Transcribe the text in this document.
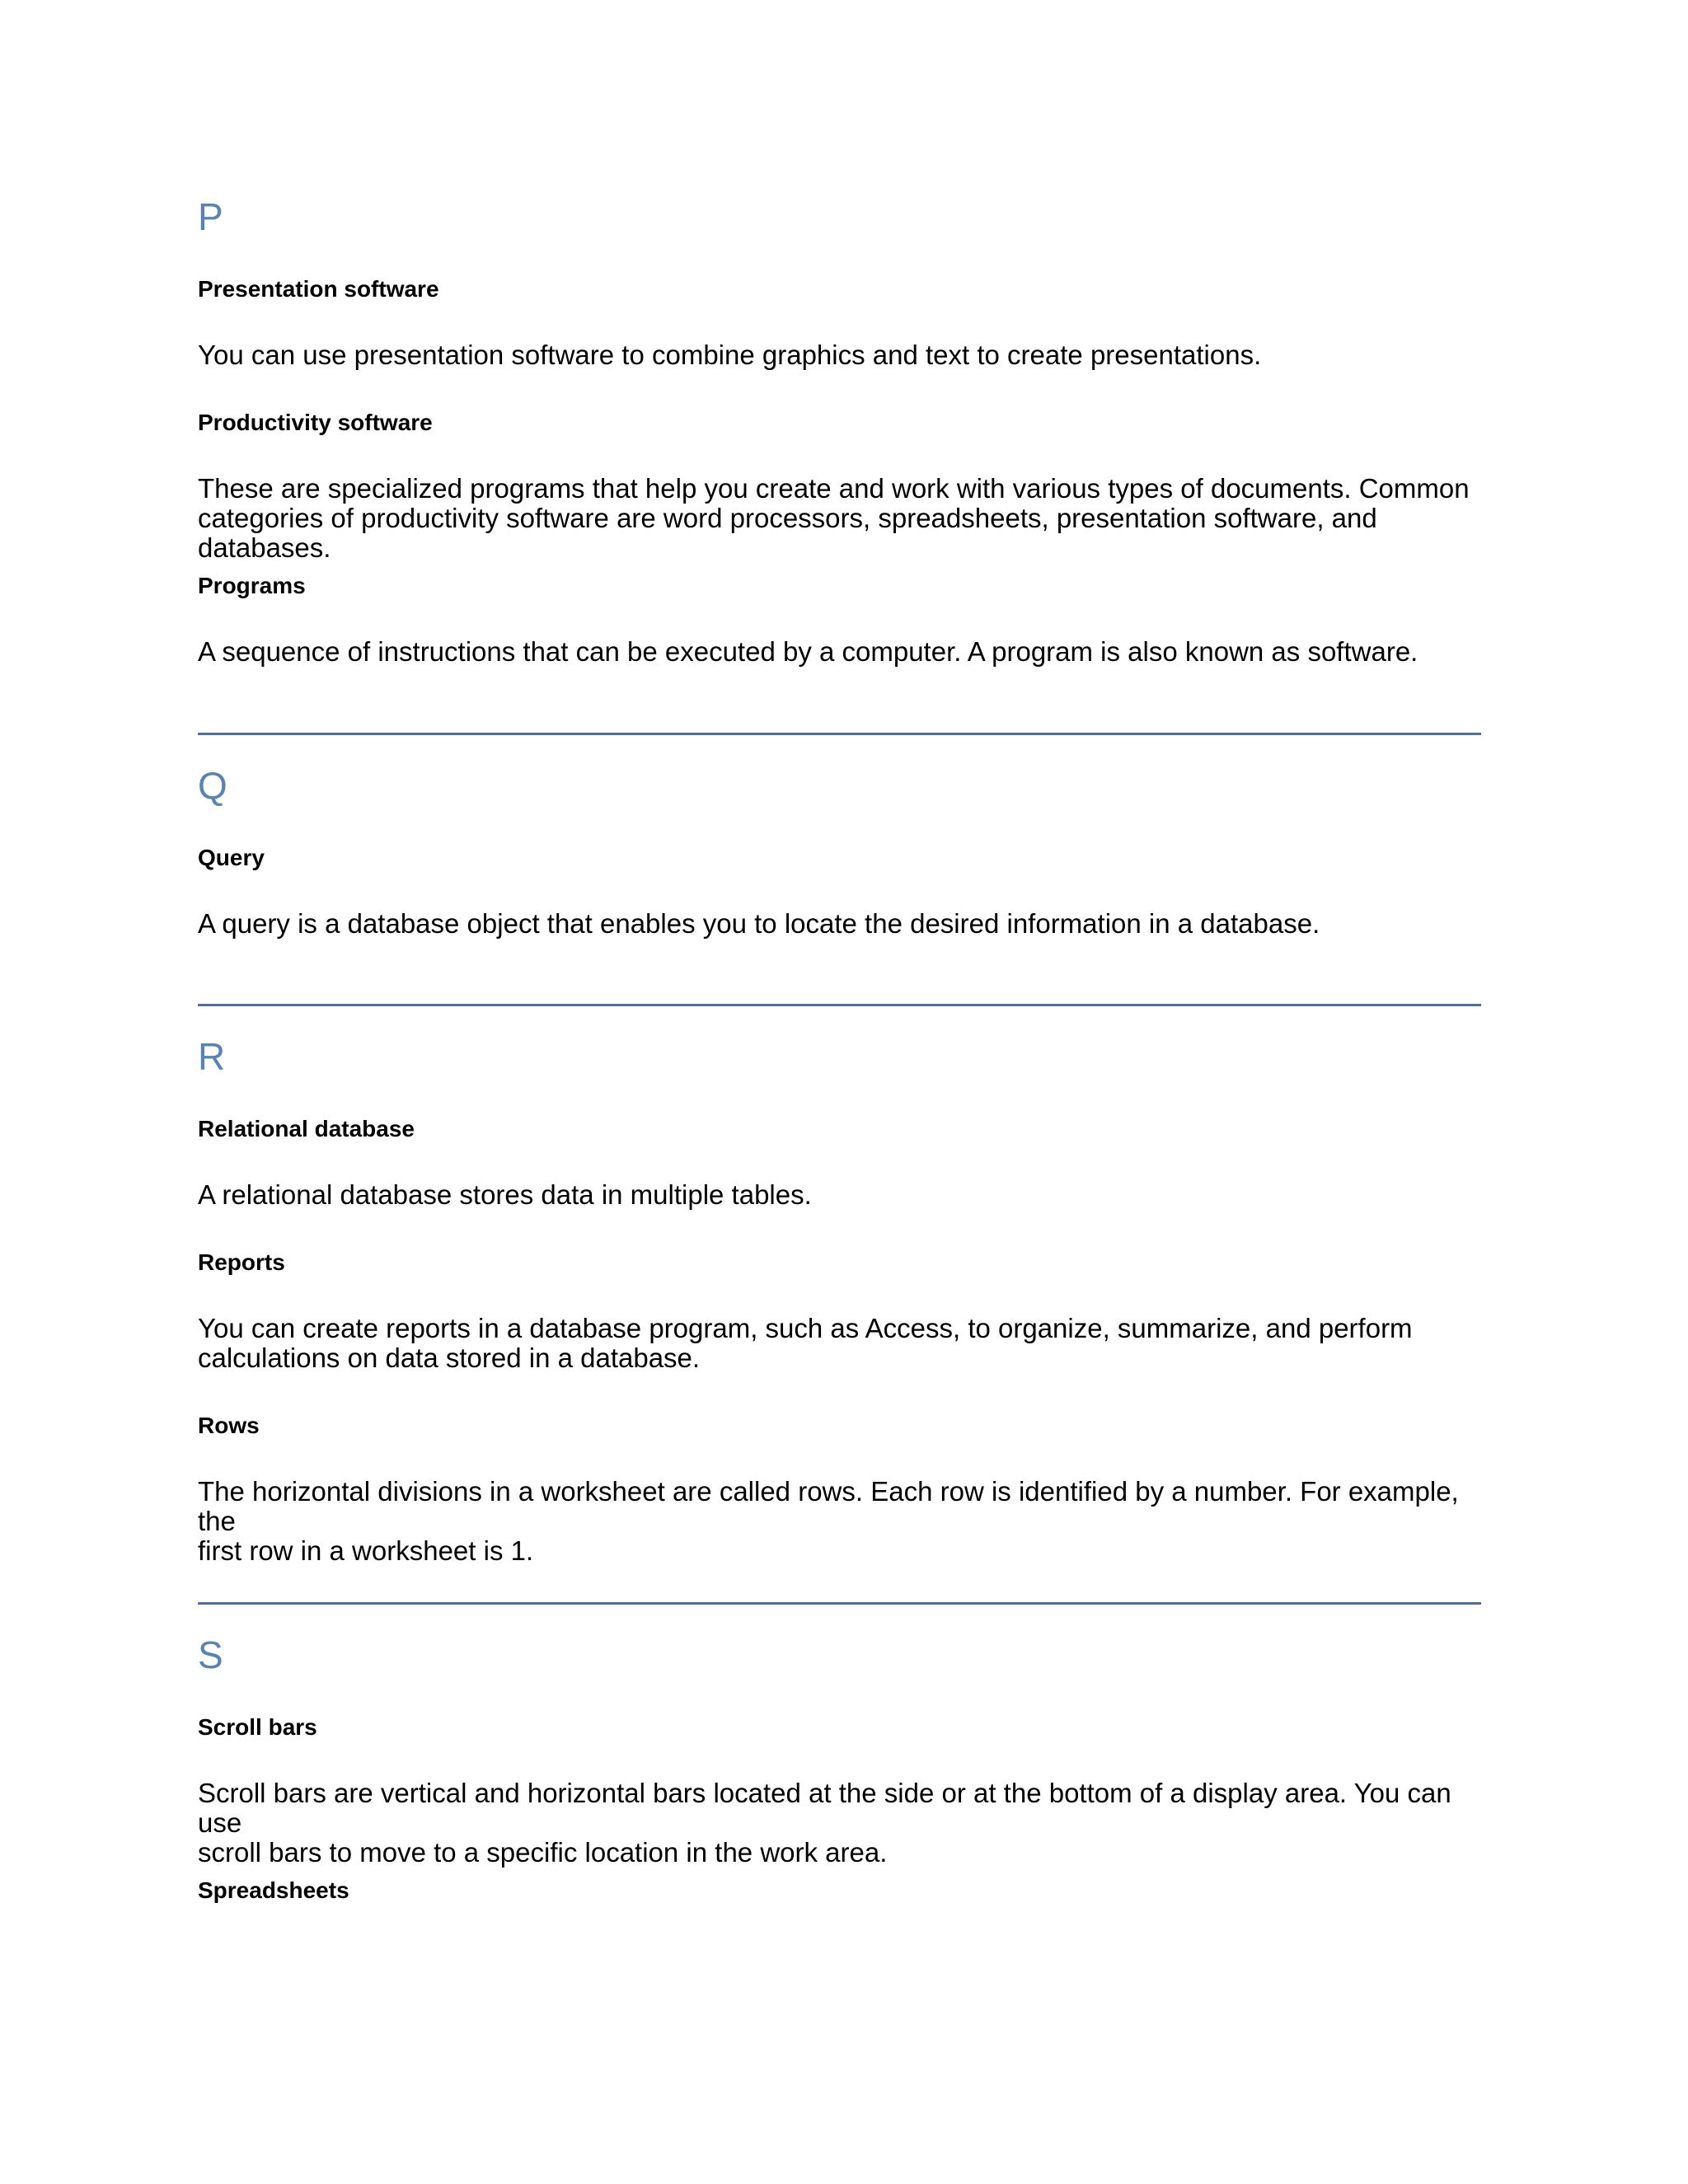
P
Presentation software
You can use presentation software to combine graphics and text to create presentations.
Productivity software
These are specialized programs that help you create and work with various types of documents. Common
categories of productivity software are word processors, spreadsheets, presentation software, and databases.
Programs
A sequence of instructions that can be executed by a computer. A program is also known as software.
Q
Query
A query is a database object that enables you to locate the desired information in a database.
R
Relational database
A relational database stores data in multiple tables.
Reports
You can create reports in a database program, such as Access, to organize, summarize, and perform
calculations on data stored in a database.
Rows
The horizontal divisions in a worksheet are called rows. Each row is identified by a number. For example, the
first row in a worksheet is 1.
S
Scroll bars
Scroll bars are vertical and horizontal bars located at the side or at the bottom of a display area. You can use
scroll bars to move to a specific location in the work area.
Spreadsheets
